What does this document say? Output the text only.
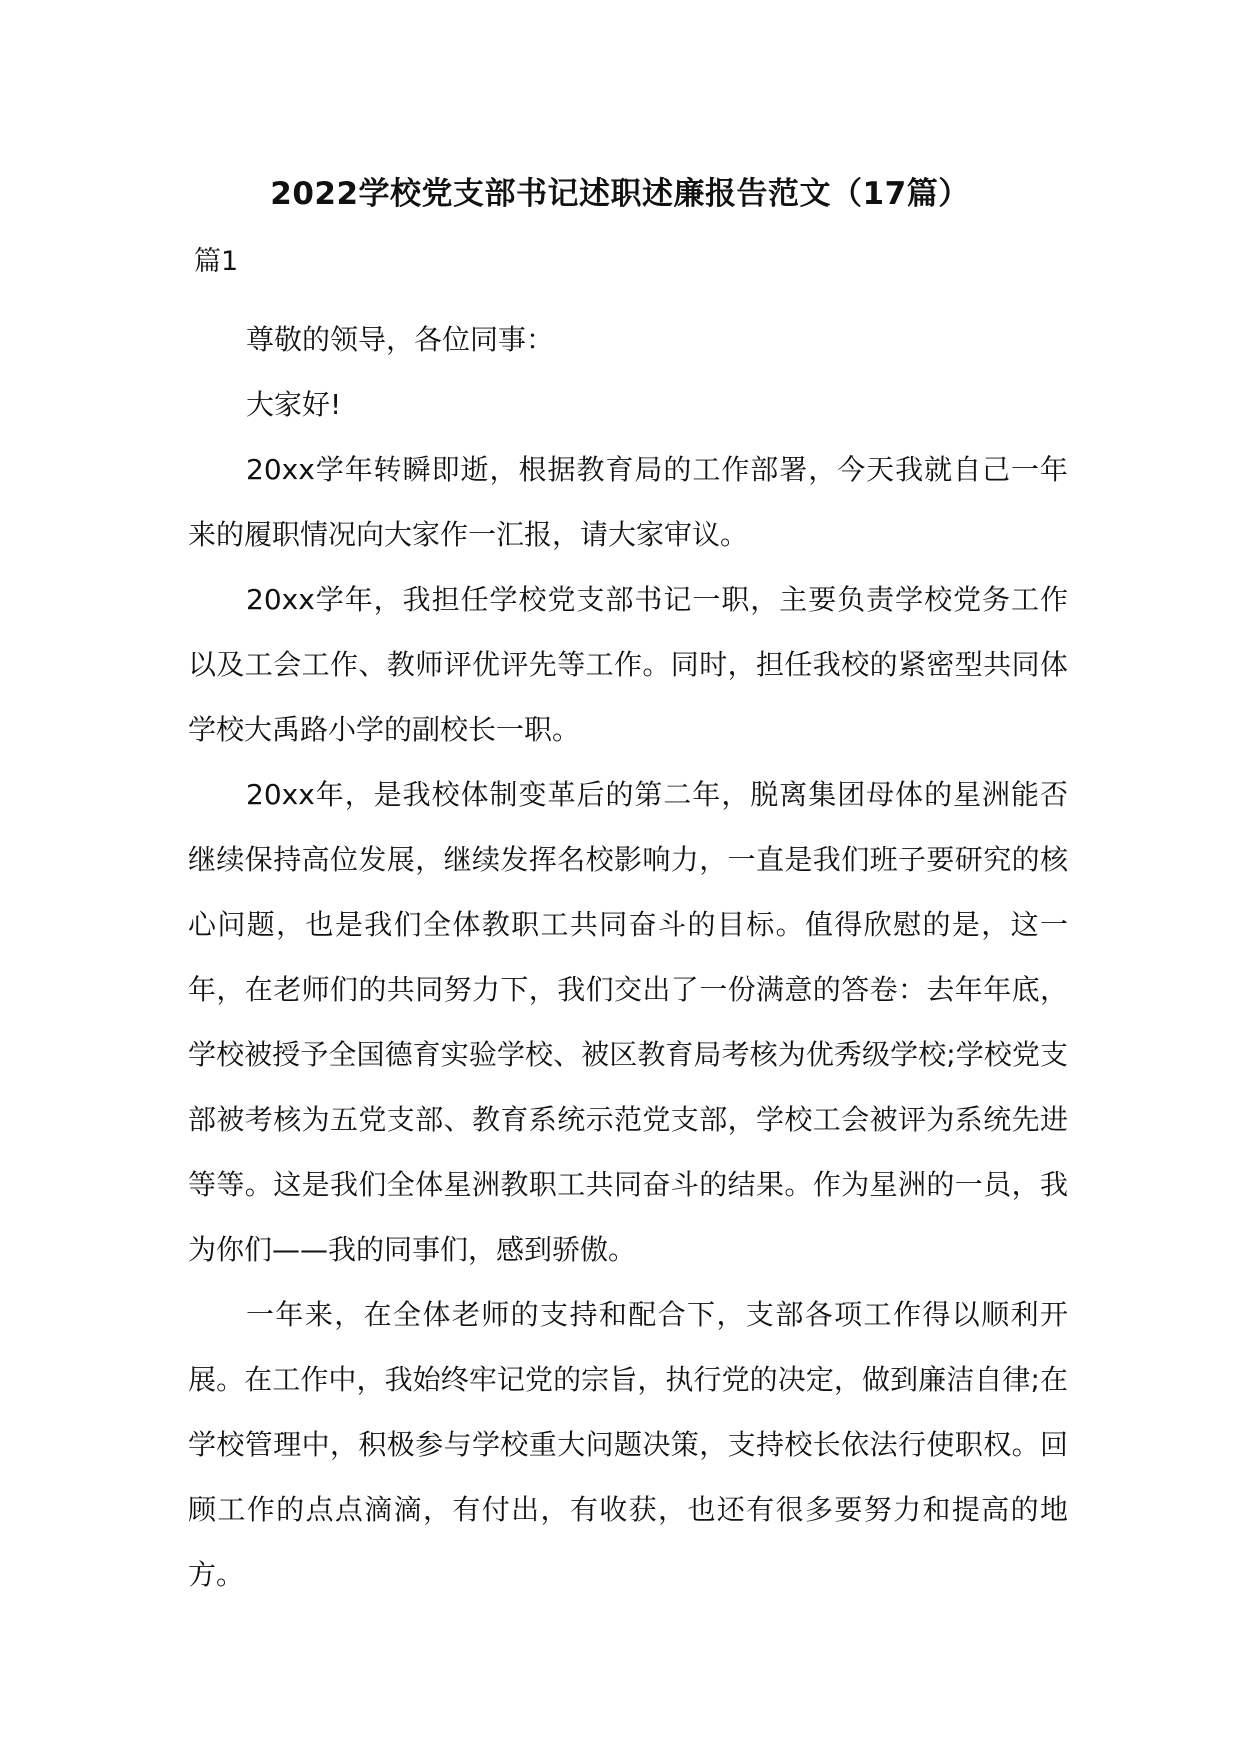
2022学校党支部书记述职述廉报告范文（17篇）
篇1

尊敬的领导，各位同事：

大家好!

20xx学年转瞬即逝，根据教育局的工作部署，今天我就自己一年来的履职情况向大家作一汇报，请大家审议。

20xx学年，我担任学校党支部书记一职，主要负责学校党务工作以及工会工作、教师评优评先等工作。同时，担任我校的紧密型共同体学校大禹路小学的副校长一职。

20xx年，是我校体制变革后的第二年，脱离集团母体的星洲能否继续保持高位发展，继续发挥名校影响力，一直是我们班子要研究的核心问题，也是我们全体教职工共同奋斗的目标。值得欣慰的是，这一年，在老师们的共同努力下，我们交出了一份满意的答卷：去年年底，学校被授予全国德育实验学校、被区教育局考核为优秀级学校;学校党支部被考核为五党支部、教育系统示范党支部，学校工会被评为系统先进等等。这是我们全体星洲教职工共同奋斗的结果。作为星洲的一员，我为你们——我的同事们，感到骄傲。

一年来，在全体老师的支持和配合下，支部各项工作得以顺利开展。在工作中，我始终牢记党的宗旨，执行党的决定，做到廉洁自律;在学校管理中，积极参与学校重大问题决策，支持校长依法行使职权。回顾工作的点点滴滴，有付出，有收获，也还有很多要努力和提高的地方。
